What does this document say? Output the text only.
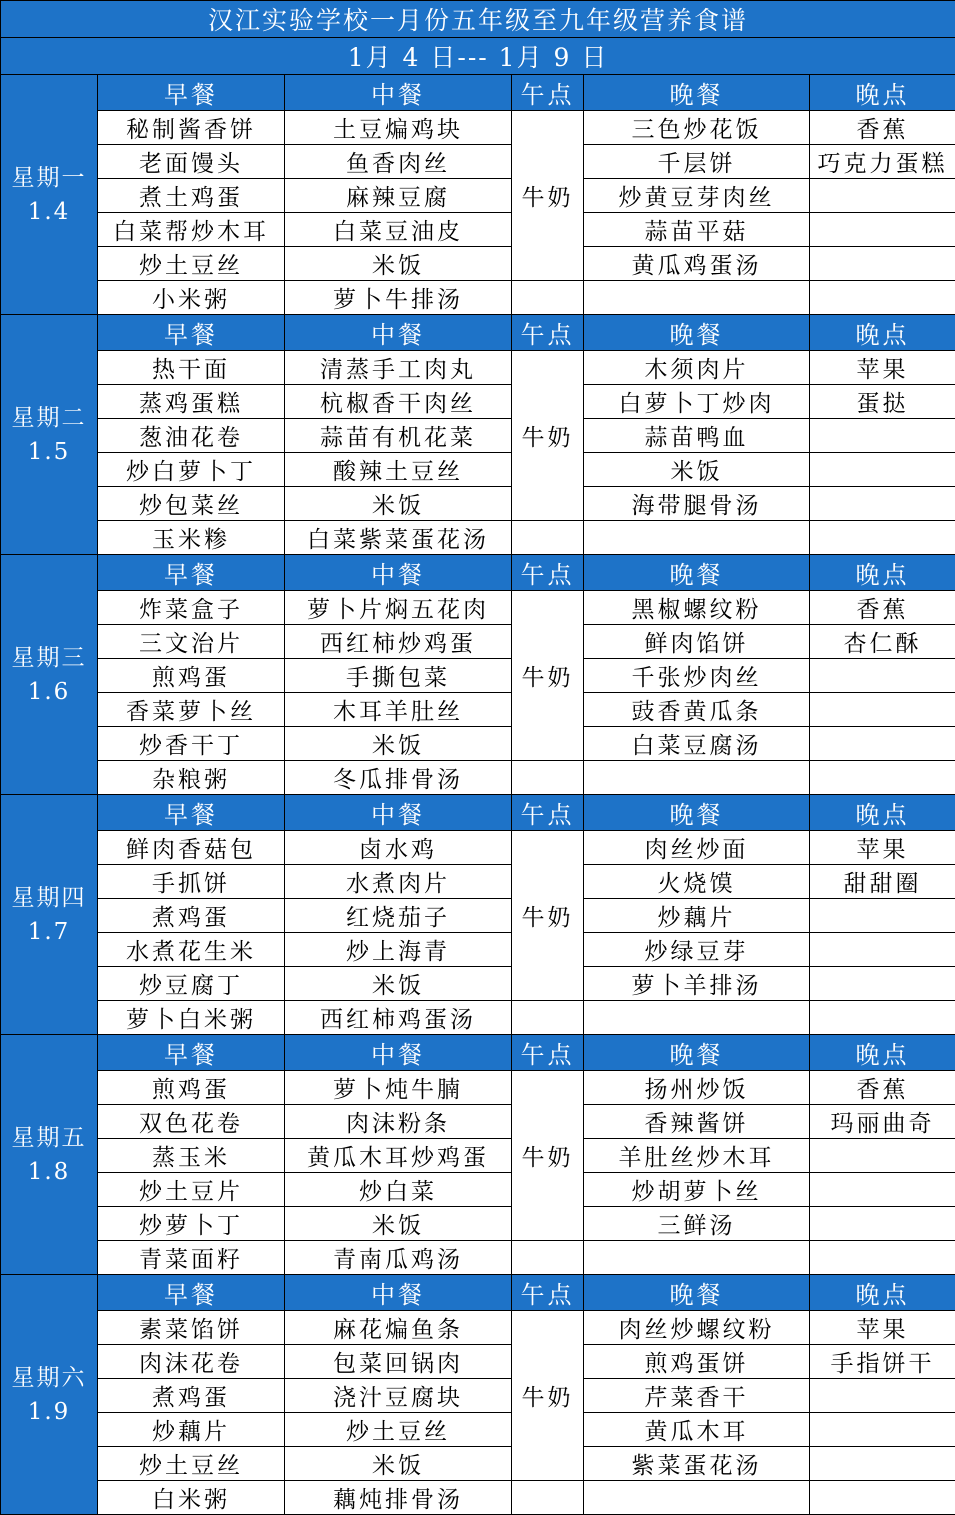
汉江实验学校一月份五年级至九年级营养食谱					
1月 4 日--- 1月 9 日					

星期一
1.4	早餐	中餐	午点	晚餐	晚点
	秘制酱香饼	土豆煸鸡块	牛奶	三色炒花饭	香蕉
	老面馒头	鱼香肉丝		千层饼	巧克力蛋糕
	煮土鸡蛋	麻辣豆腐		炒黄豆芽肉丝	
	白菜帮炒木耳	白菜豆油皮		蒜苗平菇	
	炒土豆丝	米饭		黄瓜鸡蛋汤	
	小米粥	萝卜牛排汤			

星期二
1.5	早餐	中餐	午点	晚餐	晚点
	热干面	清蒸手工肉丸	牛奶	木须肉片	苹果
	蒸鸡蛋糕	杭椒香干肉丝		白萝卜丁炒肉	蛋挞
	葱油花卷	蒜苗有机花菜		蒜苗鸭血	
	炒白萝卜丁	酸辣土豆丝		米饭	
	炒包菜丝	米饭		海带腿骨汤	
	玉米糁	白菜紫菜蛋花汤			

星期三
1.6	早餐	中餐	午点	晚餐	晚点
	炸菜盒子	萝卜片焖五花肉	牛奶	黑椒螺纹粉	香蕉
	三文治片	西红柿炒鸡蛋		鲜肉馅饼	杏仁酥
	煎鸡蛋	手撕包菜		千张炒肉丝	
	香菜萝卜丝	木耳羊肚丝		豉香黄瓜条	
	炒香干丁	米饭		白菜豆腐汤	
	杂粮粥	冬瓜排骨汤			

星期四
1.7	早餐	中餐	午点	晚餐	晚点
	鲜肉香菇包	卤水鸡	牛奶	肉丝炒面	苹果
	手抓饼	水煮肉片		火烧馍	甜甜圈
	煮鸡蛋	红烧茄子		炒藕片	
	水煮花生米	炒上海青		炒绿豆芽	
	炒豆腐丁	米饭		萝卜羊排汤	
	萝卜白米粥	西红柿鸡蛋汤			

星期五
1.8	早餐	中餐	午点	晚餐	晚点
	煎鸡蛋	萝卜炖牛腩	牛奶	扬州炒饭	香蕉
	双色花卷	肉沫粉条		香辣酱饼	玛丽曲奇
	蒸玉米	黄瓜木耳炒鸡蛋		羊肚丝炒木耳	
	炒土豆片	炒白菜		炒胡萝卜丝	
	炒萝卜丁	米饭		三鲜汤	
	青菜面籽	青南瓜鸡汤			

星期六
1.9	早餐	中餐	午点	晚餐	晚点
	素菜馅饼	麻花煸鱼条	牛奶	肉丝炒螺纹粉	苹果
	肉沫花卷	包菜回锅肉		煎鸡蛋饼	手指饼干
	煮鸡蛋	浇汁豆腐块		芹菜香干	
	炒藕片	炒土豆丝		黄瓜木耳	
	炒土豆丝	米饭		紫菜蛋花汤	
	白米粥	藕炖排骨汤			
